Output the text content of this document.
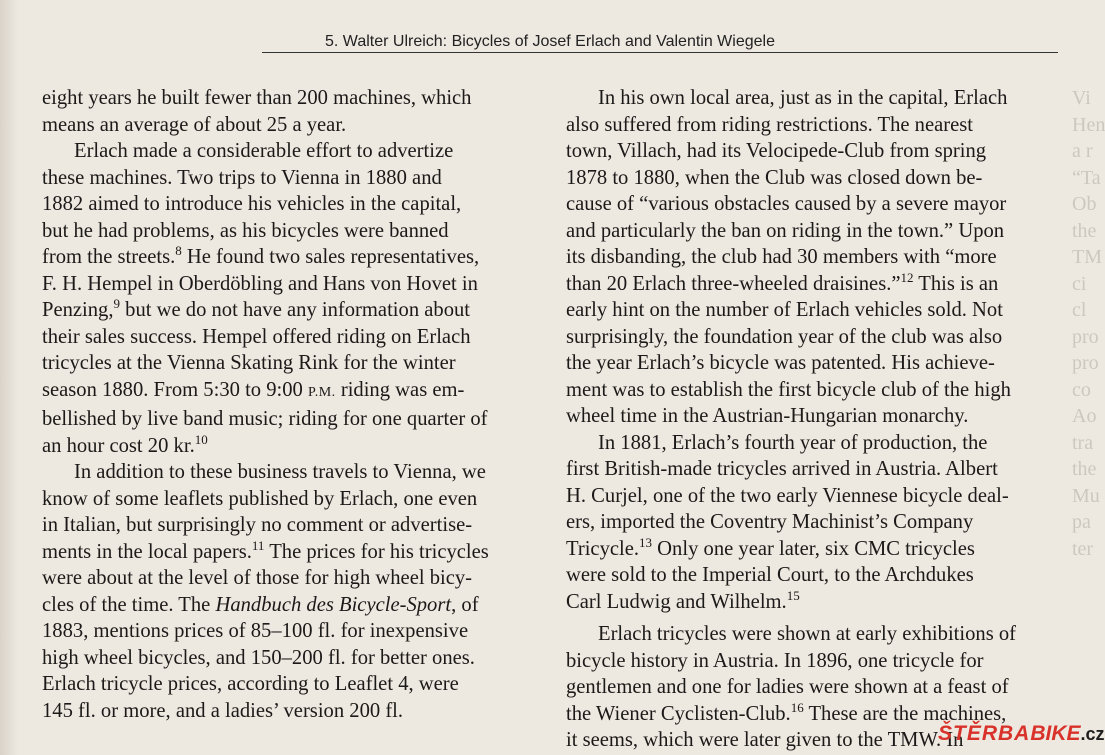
5. Walter Ulreich: Bicycles of Josef Erlach and Valentin Wiegele

eight years he built fewer than 200 machines, which
means an average of about 25 a year.

Erlach made a considerable effort to advertize
these machines. Two trips to Vienna in 1880 and
1882 aimed to introduce his vehicles in the capital,
but he had problems, as his bicycles were banned
from the streets.$^8$ He found two sales representatives,
F. H. Hempel in Oberdöbling and Hans von Hovet in
Penzing,$^9$ but we do not have any information about
their sales success. Hempel offered riding on Erlach
tricycles at the Vienna Skating Rink for the winter
season 1880. From 5:30 to 9:00 P.M. riding was em-
bellished by live band music; riding for one quarter of
an hour cost 20 kr.$^{10}$

In addition to these business travels to Vienna, we
know of some leaflets published by Erlach, one even
in Italian, but surprisingly no comment or advertise-
ments in the local papers.$^{11}$ The prices for his tricycles
were about at the level of those for high wheel bicy-
cles of the time. The Handbuch des Bicycle-Sport, of
1883, mentions prices of 85–100 fl. for inexpensive
high wheel bicycles, and 150–200 fl. for better ones.
Erlach tricycle prices, according to Leaflet 4, were
145 fl. or more, and a ladies’ version 200 fl.

In his own local area, just as in the capital, Erlach
also suffered from riding restrictions. The nearest
town, Villach, had its Velocipede-Club from spring
1878 to 1880, when the Club was closed down be-
cause of “various obstacles caused by a severe mayor
and particularly the ban on riding in the town.” Upon
its disbanding, the club had 30 members with “more
than 20 Erlach three-wheeled draisines.”$^{12}$ This is an
early hint on the number of Erlach vehicles sold. Not
surprisingly, the foundation year of the club was also
the year Erlach’s bicycle was patented. His achieve-
ment was to establish the first bicycle club of the high
wheel time in the Austrian-Hungarian monarchy.

In 1881, Erlach’s fourth year of production, the
first British-made tricycles arrived in Austria. Albert
H. Curjel, one of the two early Viennese bicycle deal-
ers, imported the Coventry Machinist’s Company
Tricycle.$^{13}$ Only one year later, six CMC tricycles
were sold to the Imperial Court, to the Archdukes
Carl Ludwig and Wilhelm.$^{15}$

Erlach tricycles were shown at early exhibitions of
bicycle history in Austria. In 1896, one tricycle for
gentlemen and one for ladies were shown at a feast of
the Wiener Cyclisten-Club.$^{16}$ These are the machines,
it seems, which were later given to the TMW. In

Vi
Hen
a r
“Ta
Ob
the
TM
ci
cl
pro
pro
co
Ao
tra
the
Mu
pa
ter
ŠTĚRBABIKE.cz
